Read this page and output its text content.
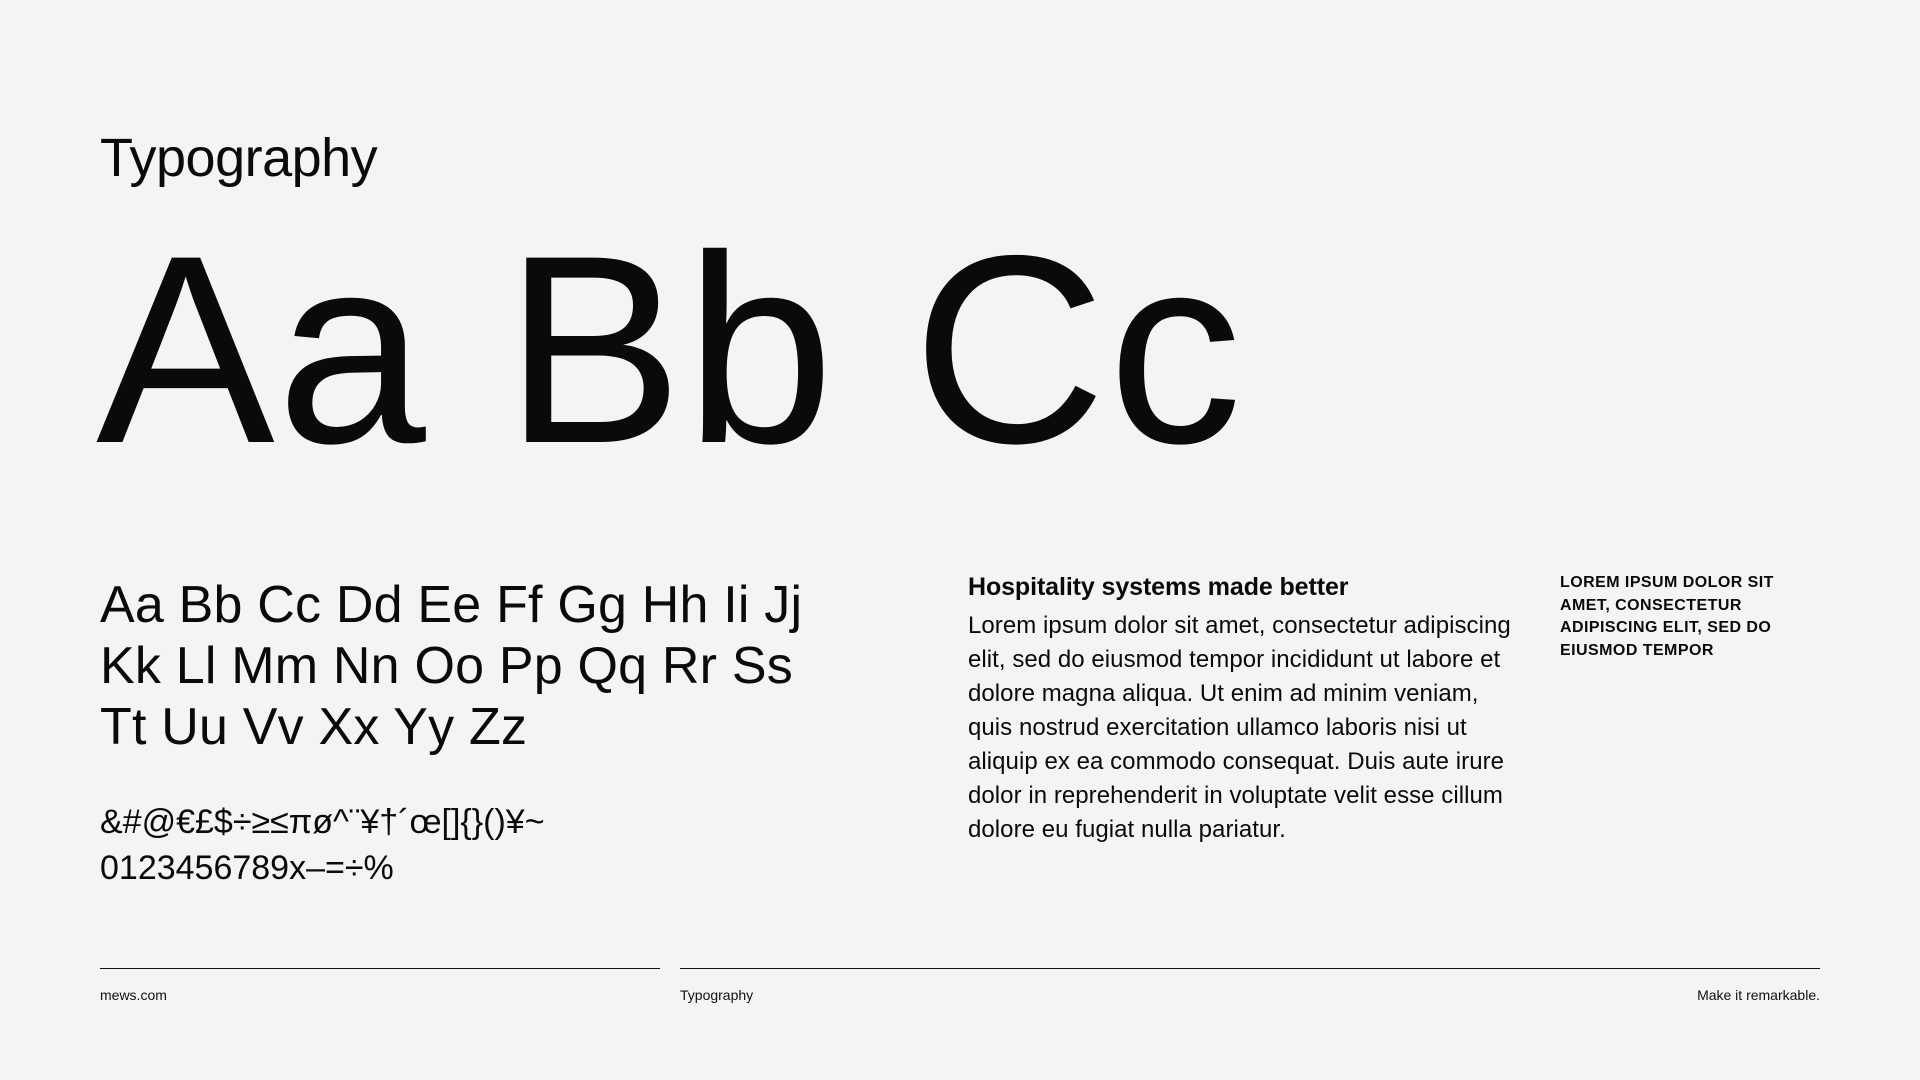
Typography
Aa Bb Cc
Aa Bb Cc Dd Ee Ff Gg Hh Ii Jj Kk Ll Mm Nn Oo Pp Qq Rr Ss Tt Uu Vv Xx Yy Zz
&#@€£$÷≥≤πø^¨¥†´œ[]{}()¥~
0123456789x–=÷%

Hospitality systems made better

Lorem ipsum dolor sit amet, consectetur adipiscing elit, sed do eiusmod tempor incididunt ut labore et dolore magna aliqua. Ut enim ad minim veniam, quis nostrud exercitation ullamco laboris nisi ut aliquip ex ea commodo consequat. Duis aute irure dolor in reprehenderit in voluptate velit esse cillum dolore eu fugiat nulla pariatur.

LOREM IPSUM DOLOR SIT AMET, CONSECTETUR ADIPISCING ELIT, SED DO EIUSMOD TEMPOR
mews.com	Typography	Make it remarkable.
